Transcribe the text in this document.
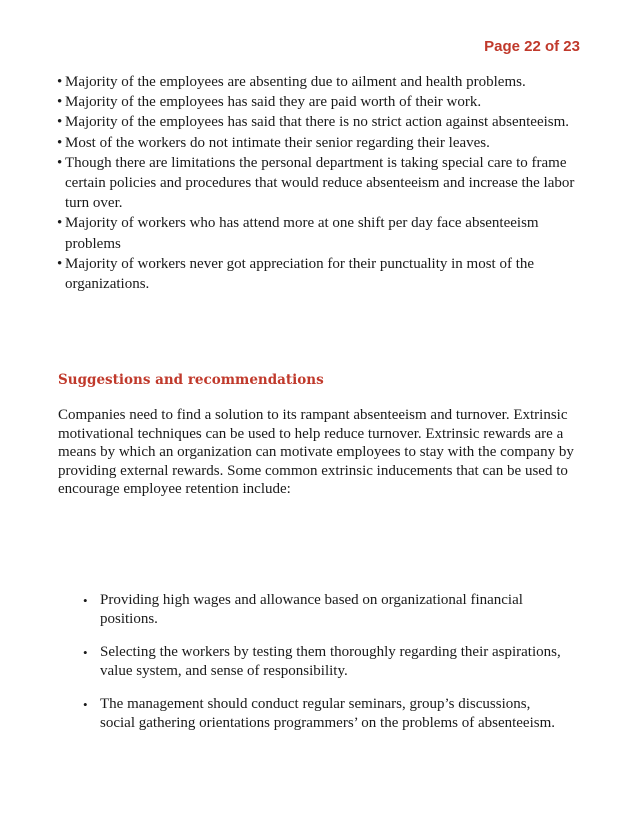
Page 22 of 23
• Majority of the employees are absenting due to ailment and health problems.
• Majority of the employees has said they are paid worth of their work.
• Majority of the employees has said that there is no strict action against absenteeism.
• Most of the workers do not intimate their senior regarding their leaves.
• Though there are limitations the personal department is taking special care to frame certain policies and procedures that would reduce absenteeism and increase the labor turn over.
• Majority of workers who has attend more at one shift per day face absenteeism problems
• Majority of workers never got appreciation for their punctuality in most of the organizations.
Suggestions and recommendations
Companies need to find a solution to its rampant absenteeism and turnover. Extrinsic motivational techniques can be used to help reduce turnover. Extrinsic rewards are a means by which an organization can motivate employees to stay with the company by providing external rewards. Some common extrinsic inducements that can be used to encourage employee retention include:
• Providing high wages and allowance based on organizational financial positions.
• Selecting the workers by testing them thoroughly regarding their aspirations, value system, and sense of responsibility.
• The management should conduct regular seminars, group’s discussions, social gathering orientations programmers’ on the problems of absenteeism.
